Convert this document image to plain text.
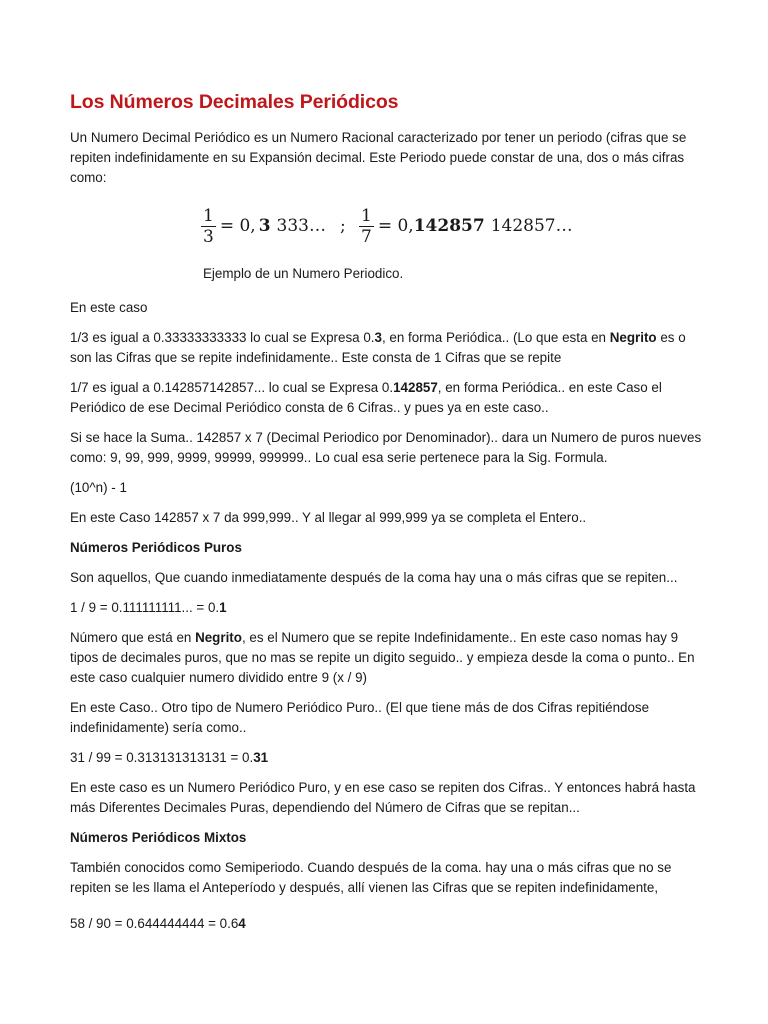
Los Números Decimales Periódicos

Un Numero Decimal Periódico es un Numero Racional caracterizado por tener un periodo (cifras que se repiten indefinidamente en su Expansión decimal. Este Periodo puede constar de una, dos o más cifras como:

$\frac{1}{3} = 0$, 3 333… ; $\frac{1}{7} = 0$, 142857 142857…

Ejemplo de un Numero Periodico.

En este caso

1/3 es igual a 0.33333333333 lo cual se Expresa 0.3, en forma Periódica.. (Lo que esta en Negrito es o son las Cifras que se repite indefinidamente.. Este consta de 1 Cifras que se repite

1/7 es igual a 0.142857142857... lo cual se Expresa 0.142857, en forma Periódica.. en este Caso el Periódico de ese Decimal Periódico consta de 6 Cifras.. y pues ya en este caso..

Si se hace la Suma.. 142857 x 7 (Decimal Periodico por Denominador).. dara un Numero de puros nueves como: 9, 99, 999, 9999, 99999, 999999.. Lo cual esa serie pertenece para la Sig. Formula.

(10^n) - 1

En este Caso 142857 x 7 da 999,999.. Y al llegar al 999,999 ya se completa el Entero..

Números Periódicos Puros

Son aquellos, Que cuando inmediatamente después de la coma hay una o más cifras que se repiten...

1 / 9 = 0.111111111... = 0.1

Número que está en Negrito, es el Numero que se repite Indefinidamente.. En este caso nomas hay 9 tipos de decimales puros, que no mas se repite un digito seguido.. y empieza desde la coma o punto.. En este caso cualquier numero dividido entre 9 (x / 9)

En este Caso.. Otro tipo de Numero Periódico Puro.. (El que tiene más de dos Cifras repitiéndose indefinidamente) sería como..

31 / 99 = 0.313131313131 = 0.31

En este caso es un Numero Periódico Puro, y en ese caso se repiten dos Cifras.. Y entonces habrá hasta más Diferentes Decimales Puras, dependiendo del Número de Cifras que se repitan...

Números Periódicos Mixtos

También conocidos como Semiperiodo. Cuando después de la coma. hay una o más cifras que no se repiten se les llama el Anteperíodo y después, allí vienen las Cifras que se repiten indefinidamente,

58 / 90 = 0.644444444 = 0.64
